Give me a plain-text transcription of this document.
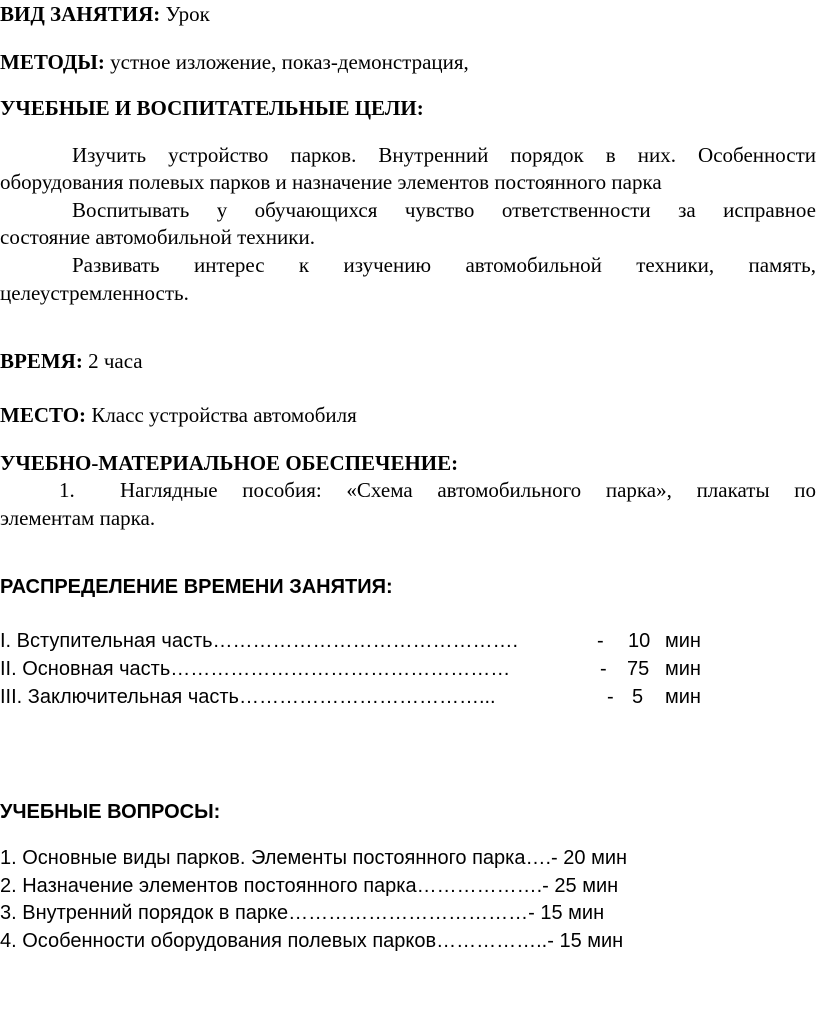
ВИД ЗАНЯТИЯ: Урок
МЕТОДЫ: устное изложение, показ-демонстрация,
УЧЕБНЫЕ И ВОСПИТАТЕЛЬНЫЕ ЦЕЛИ:
Изучить устройство парков. Внутренний порядок в них. Особенности
оборудования полевых парков и назначение элементов постоянного парка
Воспитывать у обучающихся чувство ответственности за исправное
состояние автомобильной техники.
Развивать интерес к изучению автомобильной техники, память,
целеустремленность.
ВРЕМЯ: 2 часа
МЕСТО: Класс устройства автомобиля
УЧЕБНО-МАТЕРИАЛЬНОЕ ОБЕСПЕЧЕНИЕ:
1. Наглядные пособия: «Схема автомобильного парка», плакаты по
элементам парка.
РАСПРЕДЕЛЕНИЕ ВРЕМЕНИ ЗАНЯТИЯ:
I. Вступительная часть……………………………………….	- 10 мин
II. Основная часть……………………………………………	- 75 мин
III. Заключительная часть………………………………...	- 5 мин
УЧЕБНЫЕ ВОПРОСЫ:
1. Основные виды парков. Элементы постоянного парка….- 20 мин
2. Назначение элементов постоянного парка……………….- 25 мин
3. Внутренний порядок в парке………………………………- 15 мин
4. Особенности оборудования полевых парков……………..- 15 мин
